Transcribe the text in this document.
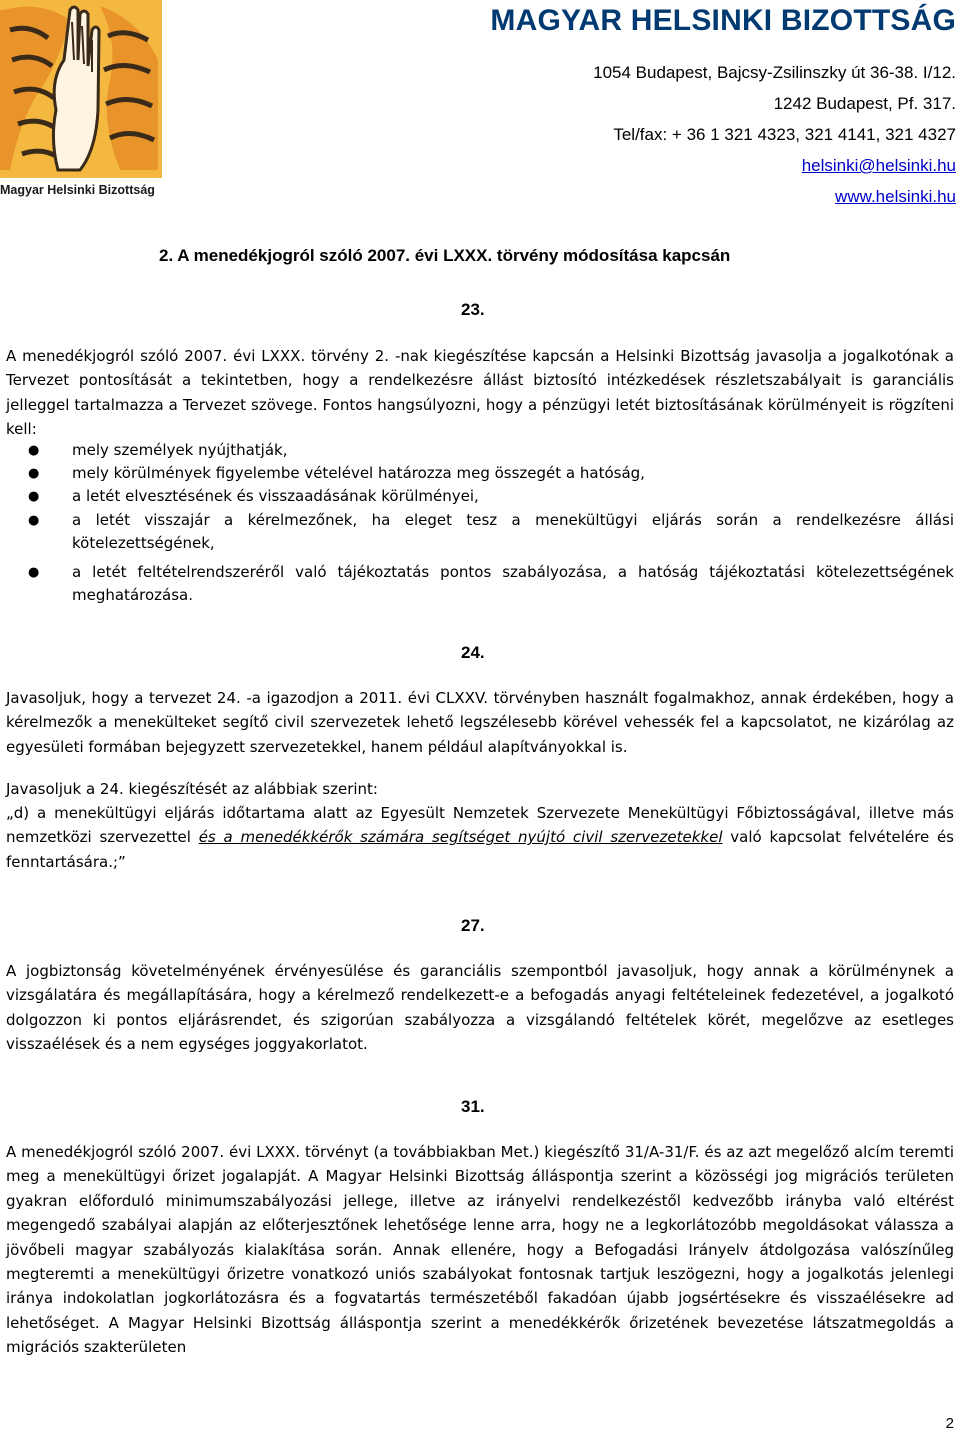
Magyar Helsinki Bizottság
MAGYAR HELSINKI BIZOTTSÁG
1054 Budapest, Bajcsy-Zsilinszky út 36-38. I/12.
1242 Budapest, Pf. 317.
Tel/fax: + 36 1 321 4323, 321 4141, 321 4327
helsinki@helsinki.hu
www.helsinki.hu
2. A menedékjogról szóló 2007. évi LXXX. törvény módosítása kapcsán
23.

A menedékjogról szóló 2007. évi LXXX. törvény 2. -nak kiegészítése kapcsán a Helsinki Bizottság javasolja a jogalkotónak a Tervezet pontosítását a tekintetben, hogy a rendelkezésre állást biztosító intézkedések részletszabályait is garanciális jelleggel tartalmazza a Tervezet szövege. Fontos hangsúlyozni, hogy a pénzügyi letét biztosításának körülményeit is rögzíteni kell:

● mely személyek nyújthatják,
● mely körülmények figyelembe vételével határozza meg összegét a hatóság,
● a letét elvesztésének és visszaadásának körülményei,
● a letét visszajár a kérelmezőnek, ha eleget tesz a menekültügyi eljárás során a rendelkezésre állási kötelezettségének,
● a letét feltételrendszeréről való tájékoztatás pontos szabályozása, a hatóság tájékoztatási kötelezettségének meghatározása.
24.

Javasoljuk, hogy a tervezet 24. -a igazodjon a 2011. évi CLXXV. törvényben használt fogalmakhoz, annak érdekében, hogy a kérelmezők a menekülteket segítő civil szervezetek lehető legszélesebb körével vehessék fel a kapcsolatot, ne kizárólag az egyesületi formában bejegyzett szervezetekkel, hanem például alapítványokkal is.

Javasoljuk a 24. kiegészítését az alábbiak szerint:

„d) a menekültügyi eljárás időtartama alatt az Egyesült Nemzetek Szervezete Menekültügyi Főbiztosságával, illetve más nemzetközi szervezettel és a menedékkérők számára segítséget nyújtó civil szervezetekkel való kapcsolat felvételére és fenntartására.;”

27.

A jogbiztonság követelményének érvényesülése és garanciális szempontból javasoljuk, hogy annak a körülménynek a vizsgálatára és megállapítására, hogy a kérelmező rendelkezett-e a befogadás anyagi feltételeinek fedezetével, a jogalkotó dolgozzon ki pontos eljárásrendet, és szigorúan szabályozza a vizsgálandó feltételek körét, megelőzve az esetleges visszaélések és a nem egységes joggyakorlatot.

31.

A menedékjogról szóló 2007. évi LXXX. törvényt (a továbbiakban Met.) kiegészítő 31/A-31/F. és az azt megelőző alcím teremti meg a menekültügyi őrizet jogalapját. A Magyar Helsinki Bizottság álláspontja szerint a közösségi jog migrációs területen gyakran előforduló minimumszabályozási jellege, illetve az irányelvi rendelkezéstől kedvezőbb irányba való eltérést megengedő szabályai alapján az előterjesztőnek lehetősége lenne arra, hogy ne a legkorlátozóbb megoldásokat válassza a jövőbeli magyar szabályozás kialakítása során. Annak ellenére, hogy a Befogadási Irányelv átdolgozása valószínűleg megteremti a menekültügyi őrizetre vonatkozó uniós szabályokat fontosnak tartjuk leszögezni, hogy a jogalkotás jelenlegi iránya indokolatlan jogkorlátozásra és a fogvatartás természetéből fakadóan újabb jogsértésekre és visszaélésekre ad lehetőséget. A Magyar Helsinki Bizottság álláspontja szerint a menedékkérők őrizetének bevezetése látszatmegoldás a migrációs szakterületen

2
